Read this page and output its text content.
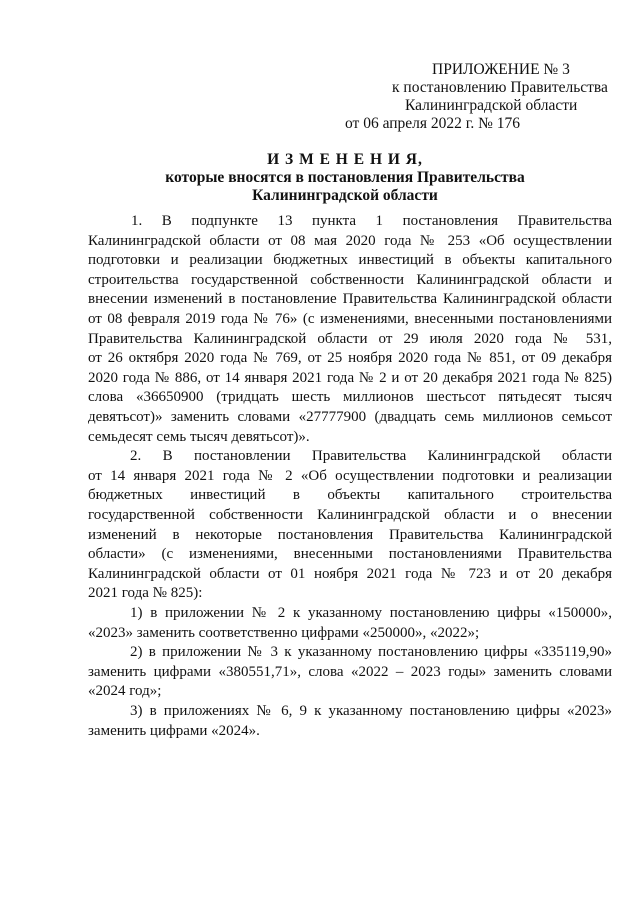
ПРИЛОЖЕНИЕ № 3
к постановлению Правительства
Калининградской области
от 06 апреля 2022 г. № 176
И З М Е Н Е Н И Я,
которые вносятся в постановления Правительства
Калининградской области
1. В подпункте 13 пункта 1 постановления Правительства
Калининградской области от 08 мая 2020 года № 253 «Об осуществлении
подготовки и реализации бюджетных инвестиций в объекты капитального
строительства государственной собственности Калининградской области и
внесении изменений в постановление Правительства Калининградской области
от 08 февраля 2019 года № 76» (с изменениями, внесенными постановлениями
Правительства Калининградской области от 29 июля 2020 года № 531,
от 26 октября 2020 года № 769, от 25 ноября 2020 года № 851, от 09 декабря
2020 года № 886, от 14 января 2021 года № 2 и от 20 декабря 2021 года № 825)
слова «36650900 (тридцать шесть миллионов шестьсот пятьдесят тысяч
девятьсот)» заменить словами «27777900 (двадцать семь миллионов семьсот
семьдесят семь тысяч девятьсот)».
2. В постановлении Правительства Калининградской области
от 14 января 2021 года № 2 «Об осуществлении подготовки и реализации
бюджетных инвестиций в объекты капитального строительства
государственной собственности Калининградской области и о внесении
изменений в некоторые постановления Правительства Калининградской
области» (с изменениями, внесенными постановлениями Правительства
Калининградской области от 01 ноября 2021 года № 723 и от 20 декабря
2021 года № 825):
1) в приложении № 2 к указанному постановлению цифры «150000»,
«2023» заменить соответственно цифрами «250000», «2022»;
2) в приложении № 3 к указанному постановлению цифры «335119,90»
заменить цифрами «380551,71», слова «2022 – 2023 годы» заменить словами
«2024 год»;
3) в приложениях № 6, 9 к указанному постановлению цифры «2023»
заменить цифрами «2024».
